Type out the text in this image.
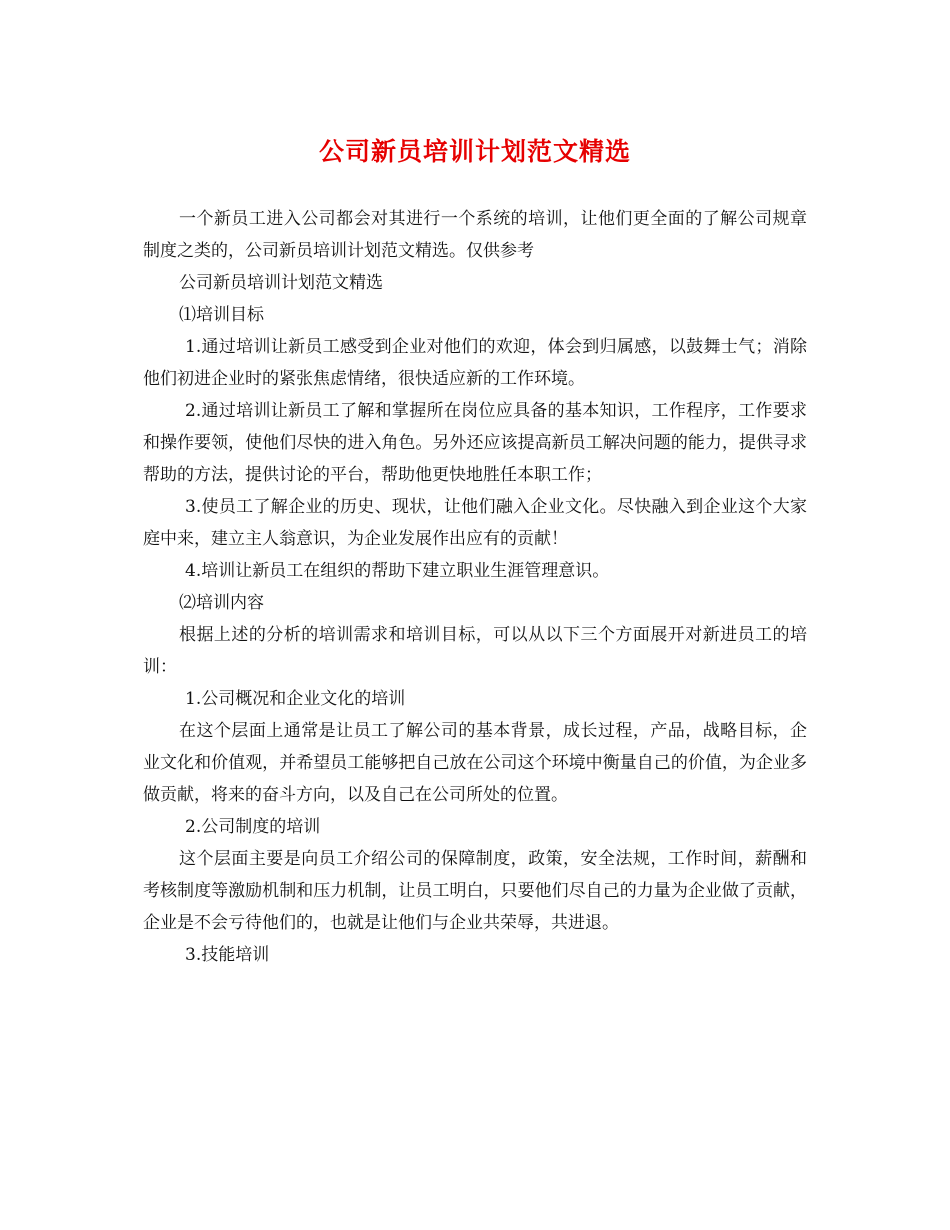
公司新员培训计划范文精选

一个新员工进入公司都会对其进行一个系统的培训，让他们更全面的了解公司规章制度之类的，公司新员培训计划范文精选。仅供参考

公司新员培训计划范文精选

⑴培训目标

1.通过培训让新员工感受到企业对他们的欢迎，体会到归属感，以鼓舞士气；消除他们初进企业时的紧张焦虑情绪，很快适应新的工作环境。

2.通过培训让新员工了解和掌握所在岗位应具备的基本知识，工作程序，工作要求和操作要领，使他们尽快的进入角色。另外还应该提高新员工解决问题的能力，提供寻求帮助的方法，提供讨论的平台，帮助他更快地胜任本职工作；

3.使员工了解企业的历史、现状，让他们融入企业文化。尽快融入到企业这个大家庭中来，建立主人翁意识，为企业发展作出应有的贡献！

4.培训让新员工在组织的帮助下建立职业生涯管理意识。

⑵培训内容

根据上述的分析的培训需求和培训目标，可以从以下三个方面展开对新进员工的培训：

1.公司概况和企业文化的培训

在这个层面上通常是让员工了解公司的基本背景，成长过程，产品，战略目标，企业文化和价值观，并希望员工能够把自己放在公司这个环境中衡量自己的价值，为企业多做贡献，将来的奋斗方向，以及自己在公司所处的位置。

2.公司制度的培训

这个层面主要是向员工介绍公司的保障制度，政策，安全法规，工作时间，薪酬和考核制度等激励机制和压力机制，让员工明白，只要他们尽自己的力量为企业做了贡献，企业是不会亏待他们的，也就是让他们与企业共荣辱，共进退。

3.技能培训
